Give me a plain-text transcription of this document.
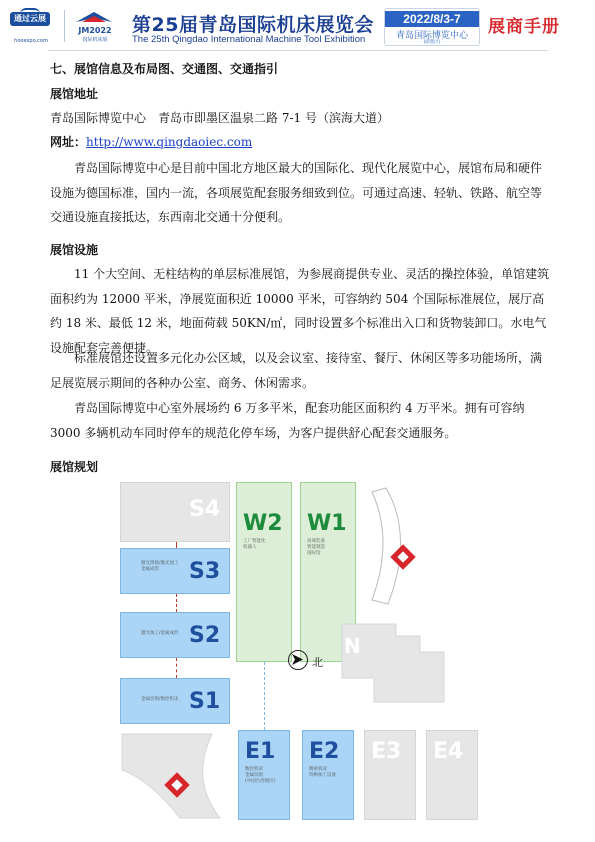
通过云展
hooexpo.com
JM2022
国际机床展
第25届青岛国际机床展览会
The 25th Qingdao International Machine Tool Exhibition
2022/8/3-7
青岛国际博览中心
(即墨区)
展商手册
七、展馆信息及布局图、交通图、交通指引
展馆地址
青岛国际博览中心　青岛市即墨区温泉二路 7-1 号（滨海大道）
网址：http://www.qingdaoiec.com
青岛国际博览中心是目前中国北方地区最大的国际化、现代化展览中心，展馆布局和硬件设施为德国标准，国内一流，各项展览配套服务细致到位。可通过高速、轻轨、铁路、航空等交通设施直接抵达，东西南北交通十分便利。
展馆设施
11 个大空间、无柱结构的单层标准展馆，为参展商提供专业、灵活的操控体验，单馆建筑面积约为 12000 平米，净展览面积近 10000 平米，可容纳约 504 个国际标准展位，展厅高约 18 米、最低 12 米，地面荷载 50KN/㎡，同时设置多个标准出入口和货物装卸口。水电气设施配套完善便捷。
标准展馆还设置多元化办公区域，以及会议室、接待室、餐厅、休闲区等多功能场所，满足展览展示期间的各种办公室、商务、休闲需求。
青岛国际博览中心室外展场约 6 万多平米，配套功能区面积约 4 万平米。拥有可容纳 3000 多辆机动车同时停车的规范化停车场，为客户提供舒心配套交通服务。
展馆规划
S4
W2
工厂智能化
机器人
W1
高端装备
智能制造
国际馆
S3
激光焊接/激光加工
金属成形
S2
激光加工/金属成形
北
N
S1
金属切削/数控机床
E1
数控机床
金属切削
(中国台湾展区)
E2
精密机床
特种加工设备
E3 E4
